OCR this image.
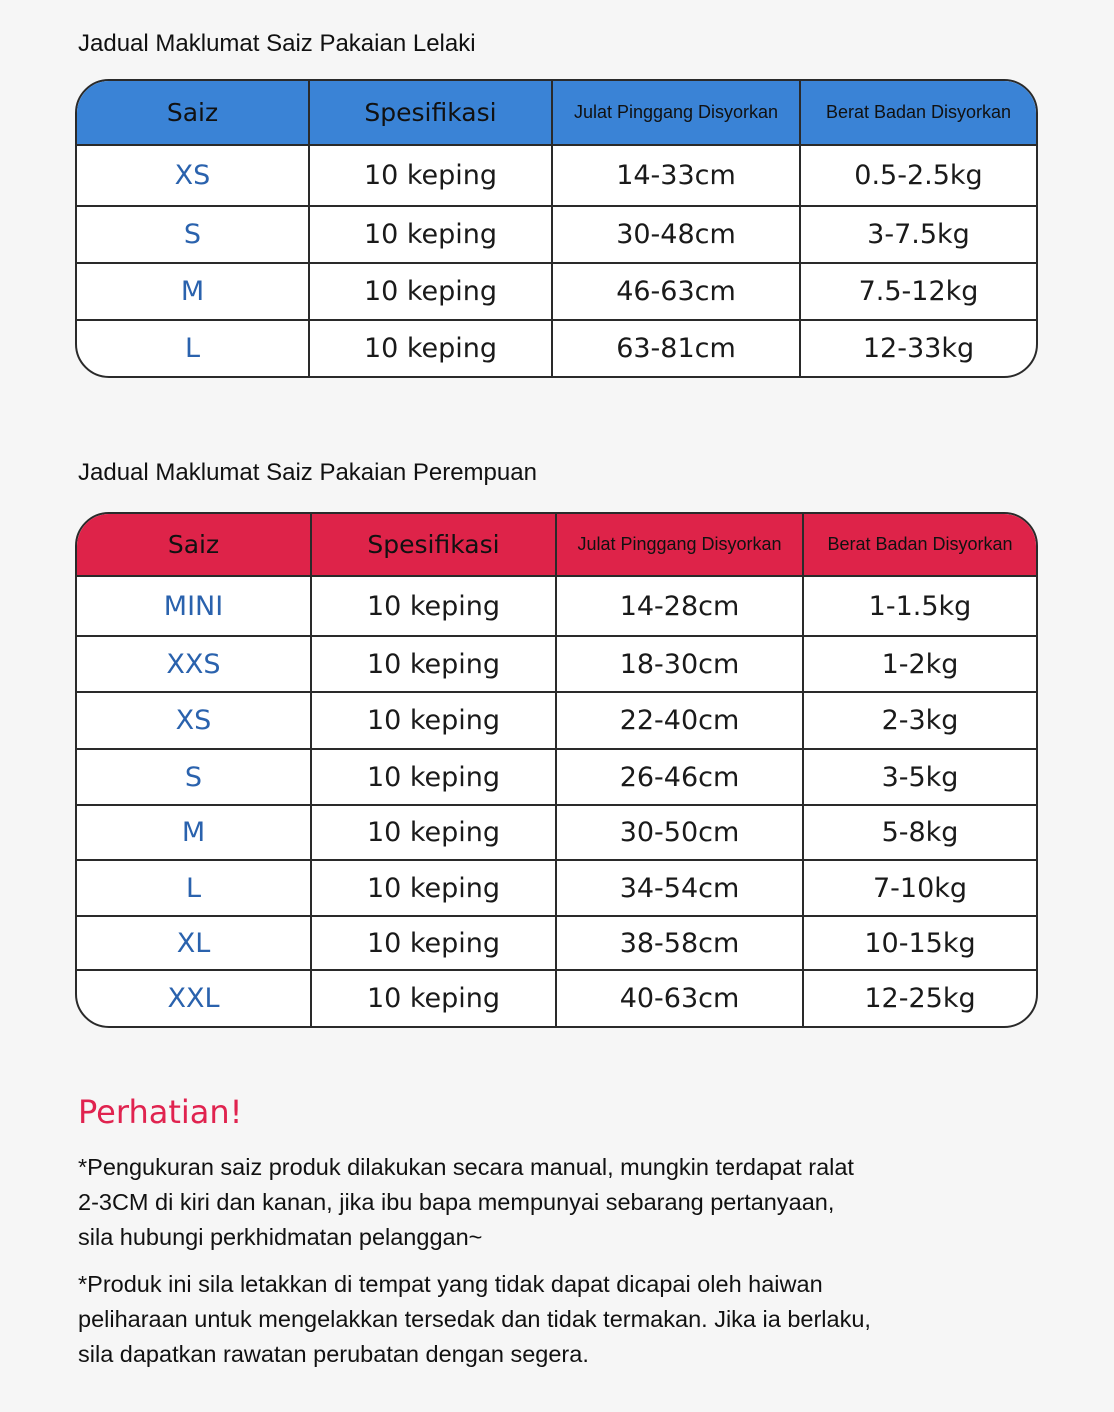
Jadual Maklumat Saiz Pakaian Lelaki
Saiz	Spesifikasi	Julat Pinggang Disyorkan	Berat Badan Disyorkan
XS	10 keping	14-33cm	0.5-2.5kg
S	10 keping	30-48cm	3-7.5kg
M	10 keping	46-63cm	7.5-12kg
L	10 keping	63-81cm	12-33kg
Jadual Maklumat Saiz Pakaian Perempuan
Saiz	Spesifikasi	Julat Pinggang Disyorkan	Berat Badan Disyorkan
MINI	10 keping	14-28cm	1-1.5kg
XXS	10 keping	18-30cm	1-2kg
XS	10 keping	22-40cm	2-3kg
S	10 keping	26-46cm	3-5kg
M	10 keping	30-50cm	5-8kg
L	10 keping	34-54cm	7-10kg
XL	10 keping	38-58cm	10-15kg
XXL	10 keping	40-63cm	12-25kg
Perhatian!

*Pengukuran saiz produk dilakukan secara manual, mungkin terdapat ralat
2-3CM di kiri dan kanan, jika ibu bapa mempunyai sebarang pertanyaan,
sila hubungi perkhidmatan pelanggan~

*Produk ini sila letakkan di tempat yang tidak dapat dicapai oleh haiwan
peliharaan untuk mengelakkan tersedak dan tidak termakan. Jika ia berlaku,
sila dapatkan rawatan perubatan dengan segera.
